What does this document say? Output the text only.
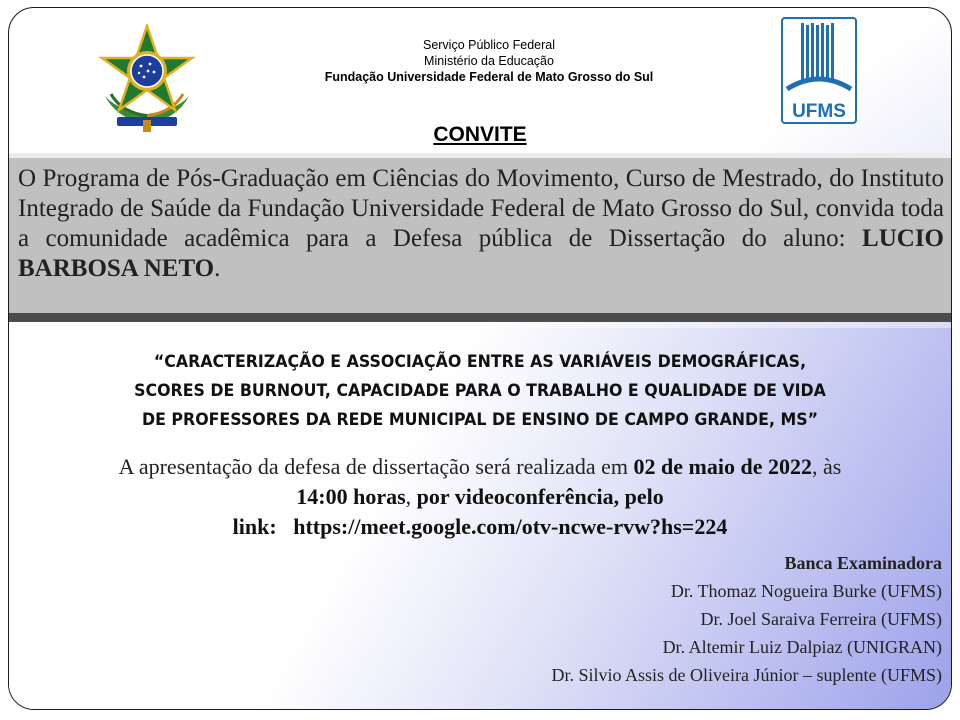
Serviço Público Federal
Ministério da Educação
Fundação Universidade Federal de Mato Grosso do Sul
UFMS
CONVITE
O Programa de Pós-Graduação em Ciências do Movimento, Curso de Mestrado, do Instituto Integrado de Saúde da Fundação Universidade Federal de Mato Grosso do Sul, convida toda a comunidade acadêmica para a Defesa pública de Dissertação do aluno: LUCIO BARBOSA NETO.
“CARACTERIZAÇÃO E ASSOCIAÇÃO ENTRE AS VARIÁVEIS DEMOGRÁFICAS,
SCORES DE BURNOUT, CAPACIDADE PARA O TRABALHO E QUALIDADE DE VIDA
DE PROFESSORES DA REDE MUNICIPAL DE ENSINO DE CAMPO GRANDE, MS”
A apresentação da defesa de dissertação será realizada em 02 de maio de 2022, às
14:00 horas, por videoconferência, pelo
link: https://meet.google.com/otv-ncwe-rvw?hs=224
Banca Examinadora
Dr. Thomaz Nogueira Burke (UFMS)
Dr. Joel Saraiva Ferreira (UFMS)
Dr. Altemir Luiz Dalpiaz (UNIGRAN)
Dr. Silvio Assis de Oliveira Júnior – suplente (UFMS)
